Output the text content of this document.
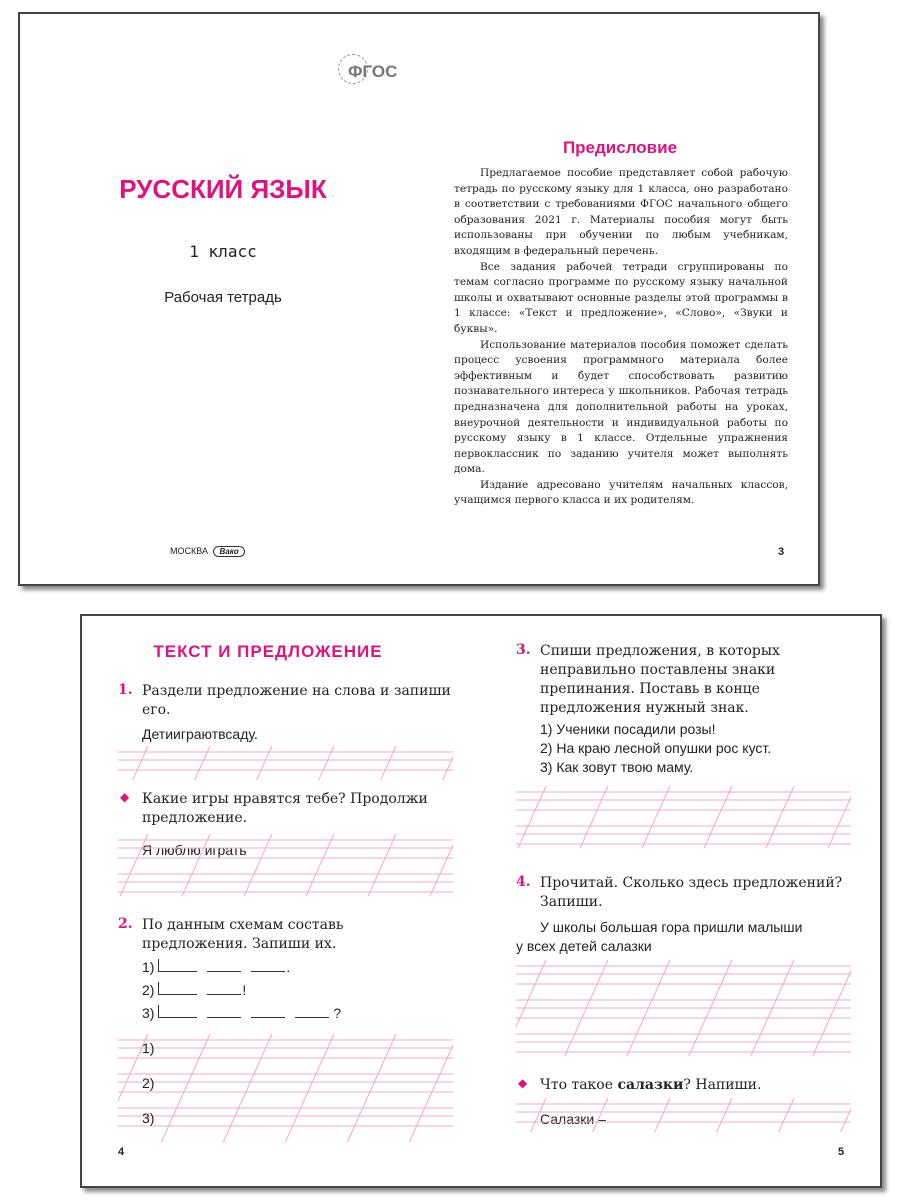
ФГОС
РУССКИЙ ЯЗЫК
1 класс
Рабочая тетрадь
МОСКВА Вако
Предисловие

Предлагаемое пособие представляет собой рабочую тетрадь по русскому языку для 1 класса, оно разработано в соответствии с требованиями ФГОС начального общего образования 2021 г. Материалы пособия могут быть использованы при обучении по любым учебникам, входящим в федеральный перечень.

Все задания рабочей тетради сгруппированы по темам согласно программе по русскому языку начальной школы и охватывают основные разделы этой программы в 1 классе: «Текст и предложение», «Слово», «Звуки и буквы».

Использование материалов пособия поможет сделать процесс усвоения программного материала более эффективным и будет способствовать развитию познавательного интереса у школьников. Рабочая тетрадь предназначена для дополнительной работы на уроках, внеурочной деятельности и индивидуальной работы по русскому языку в 1 классе. Отдельные упражнения первоклассник по заданию учителя может выполнять дома.

Издание адресовано учителям начальных классов, учащимся первого класса и их родителям.

3
ТЕКСТ И ПРЕДЛОЖЕНИЕ
1. Раздели предложение на слова и запиши его.
Детииграютвсаду.
◆ Какие игры нравятся тебе? Продолжи предложение.
Я люблю играть
2. По данным схемам составь предложения. Запиши их.
1)	.
2)	!
3)	?
1)
2)
3)
4
3. Спиши предложения, в которых неправильно поставлены знаки препинания. Поставь в конце предложения нужный знак.
1) Ученики посадили розы!
2) На краю лесной опушки рос куст.
3) Как зовут твою маму.
4. Прочитай. Сколько здесь предложений? Запиши.
У школы большая гора пришли малыши
у всех детей салазки
◆ Что такое салазки? Напиши.
Салазки –
5
